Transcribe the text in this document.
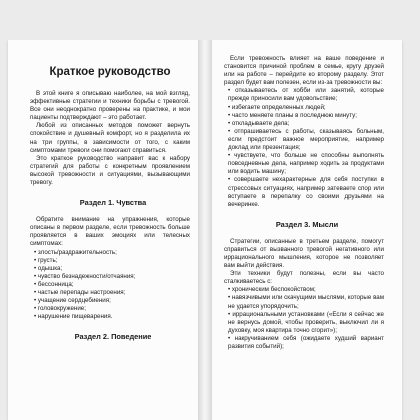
Краткое руководство

В этой книге я описываю наиболее, на мой взгляд, эффективные стратегии и техники борьбы с тревогой. Все они неоднократно проверены на практике, и мои пациенты подтверждают – это работает.

Любой из описанных методов поможет вернуть спокойствие и душевный комфорт, но я разделила их на три группы, в зависимости от того, с каким симптомами тревоги они помогают справиться.

Это краткое руководство направит вас к набору стратегий для работы с конкретным проявлением высокой тревожности и ситуациями, вызывающими тревогу.

Раздел 1. Чувства

Обратите внимание на упражнения, которые описаны в первом разделе, если тревожность больше проявляется в ваших эмоциях или телесных симптомах:

• злость/раздражительность;
• грусть;
• одышка;
• чувство безнадежности/отчаяния;
• бессонница;
• частые перепады настроения;
• учащение сердцебиения;
• головокружение;
• нарушение пищеварения.

Раздел 2. Поведение

Если тревожность влияет на ваше поведение и становится причиной проблем в семье, кругу друзей или на работе – перейдите ко второму разделу. Этот раздел будет вам полезен, если из-за тревожности вы:

• отказываетесь от хобби или занятий, которые прежде приносили вам удовольствие;
• избегаете определенных людей;
• часто меняете планы в последнюю минуту;
• откладываете дела;
• отпрашиваетесь с работы, сказываясь больным, если предстоит важное мероприятие, например доклад или презентация;
• чувствуете, что больше не способны выполнять повседневные дела, например ходить за продуктами или водить машину;
• совершаете нехарактерные для себя поступки в стрессовых ситуациях, например затеваете спор или вступаете в перепалку со своими друзьями на вечеринке.

Раздел 3. Мысли

Стратегии, описанные в третьем разделе, помогут справиться от вызванного тревогой негативного или иррационального мышления, которое не позволяет вам выйти действия.

Эти техники будут полезны, если вы часто сталкиваетесь с:

• хроническим беспокойством;
• навязчивыми или скачущими мыслями, которые вам не удается упорядочить;
• иррациональными установками («Если я сейчас же не вернусь домой, чтобы проверить, выключил ли я духовку, моя квартира точно сгорит»);
• накручиванием себя (ожидаете худший вариант развития событий);
